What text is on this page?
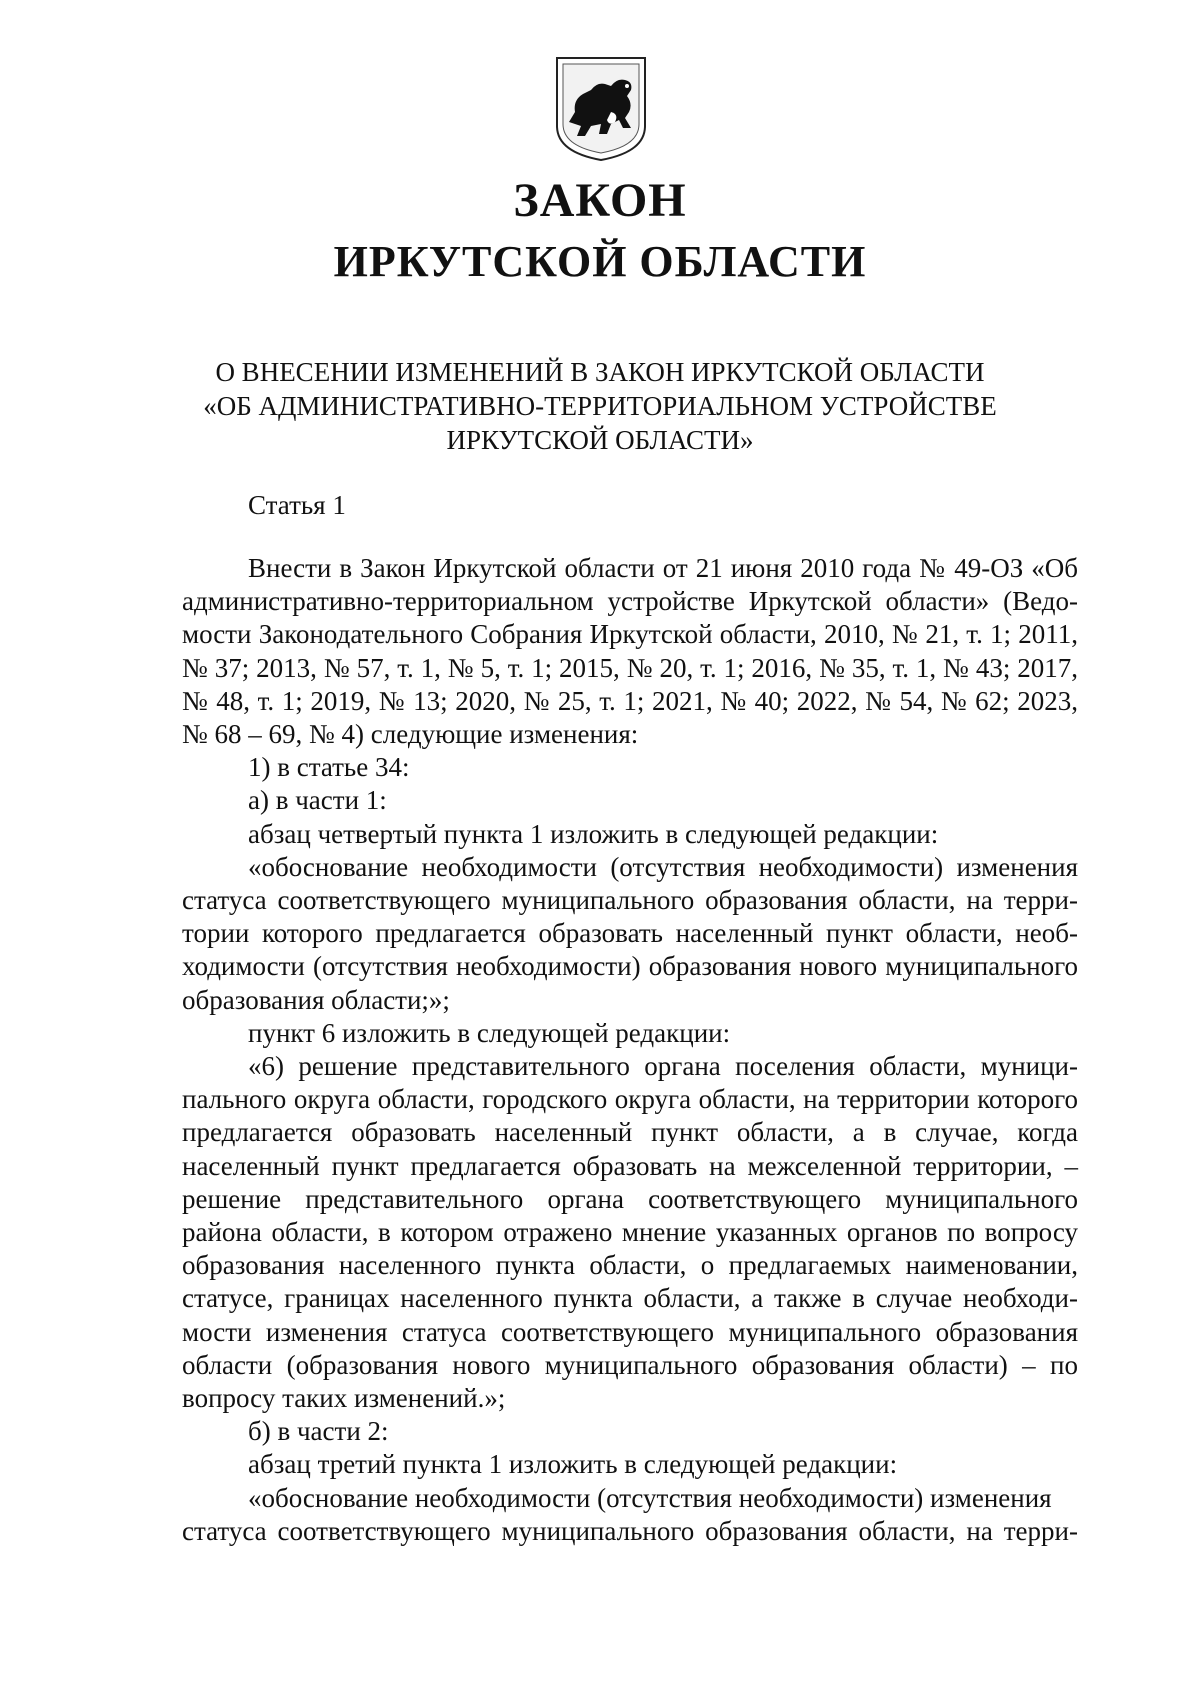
ЗАКОН
ИРКУТСКОЙ ОБЛАСТИ
О ВНЕСЕНИИ ИЗМЕНЕНИЙ В ЗАКОН ИРКУТСКОЙ ОБЛАСТИ
«ОБ АДМИНИСТРАТИВНО-ТЕРРИТОРИАЛЬНОМ УСТРОЙСТВЕ
ИРКУТСКОЙ ОБЛАСТИ»
Статья 1

Внести в Закон Иркутской области от 21 июня 2010 года № 49-ОЗ «Об административно-территориальном устройстве Иркутской области» (Ведомости Законодательного Собрания Иркутской области, 2010, № 21, т. 1; 2011, № 37; 2013, № 57, т. 1, № 5, т. 1; 2015, № 20, т. 1; 2016, № 35, т. 1, № 43; 2017, № 48, т. 1; 2019, № 13; 2020, № 25, т. 1; 2021, № 40; 2022, № 54, № 62; 2023, № 68 – 69, № 4) следующие изменения:

1) в статье 34:

а) в части 1:

абзац четвертый пункта 1 изложить в следующей редакции:

«обоснование необходимости (отсутствия необходимости) изменения статуса соответствующего муниципального образования области, на территории которого предлагается образовать населенный пункт области, необходимости (отсутствия необходимости) образования нового муниципального образования области;»;

пункт 6 изложить в следующей редакции:

«6) решение представительного органа поселения области, муниципального округа области, городского округа области, на территории которого предлагается образовать населенный пункт области, а в случае, когда населенный пункт предлагается образовать на межселенной территории, – решение представительного органа соответствующего муниципального района области, в котором отражено мнение указанных органов по вопросу образования населенного пункта области, о предлагаемых наименовании, статусе, границах населенного пункта области, а также в случае необходимости изменения статуса соответствующего муниципального образования области (образования нового муниципального образования области) – по вопросу таких изменений.»;

б) в части 2:

абзац третий пункта 1 изложить в следующей редакции:

«обоснование необходимости (отсутствия необходимости) изменения

статуса соответствующего муниципального образования области, на терри-
